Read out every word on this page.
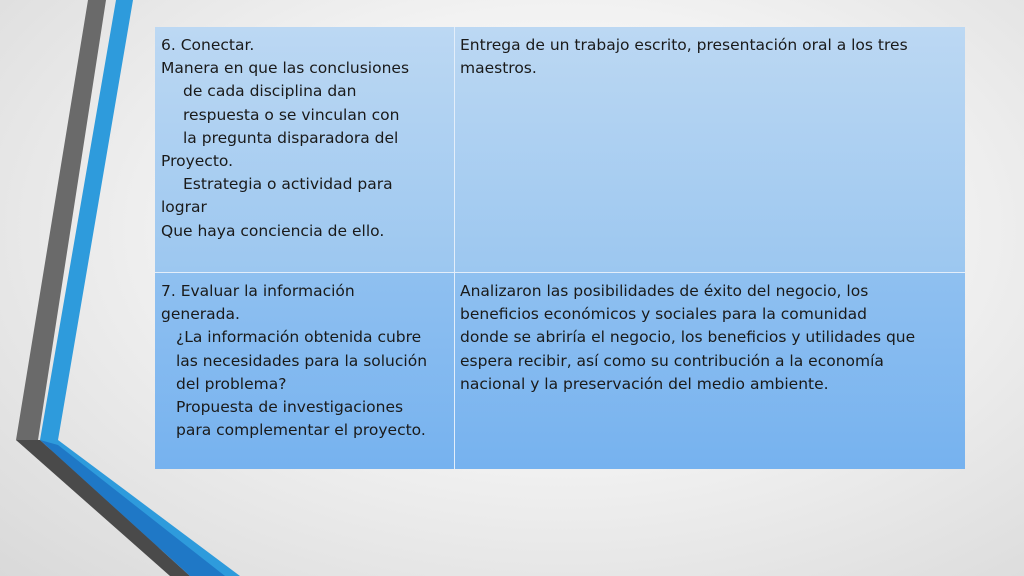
6. Conectar.
Manera en que las conclusiones
de cada disciplina dan
respuesta o se vinculan con
la pregunta disparadora del
Proyecto.
Estrategia o actividad para
lograr
Que haya conciencia de ello.
Entrega de un trabajo escrito, presentación oral a los tres
maestros.
7. Evaluar la información
generada.
¿La información obtenida cubre
las necesidades para la solución
del problema?
Propuesta de investigaciones
para complementar el proyecto.
Analizaron las posibilidades de éxito del negocio, los
beneficios económicos y sociales para la comunidad
donde se abriría el negocio, los beneficios y utilidades que
espera recibir, así como su contribución a la economía
nacional y la preservación del medio ambiente.
